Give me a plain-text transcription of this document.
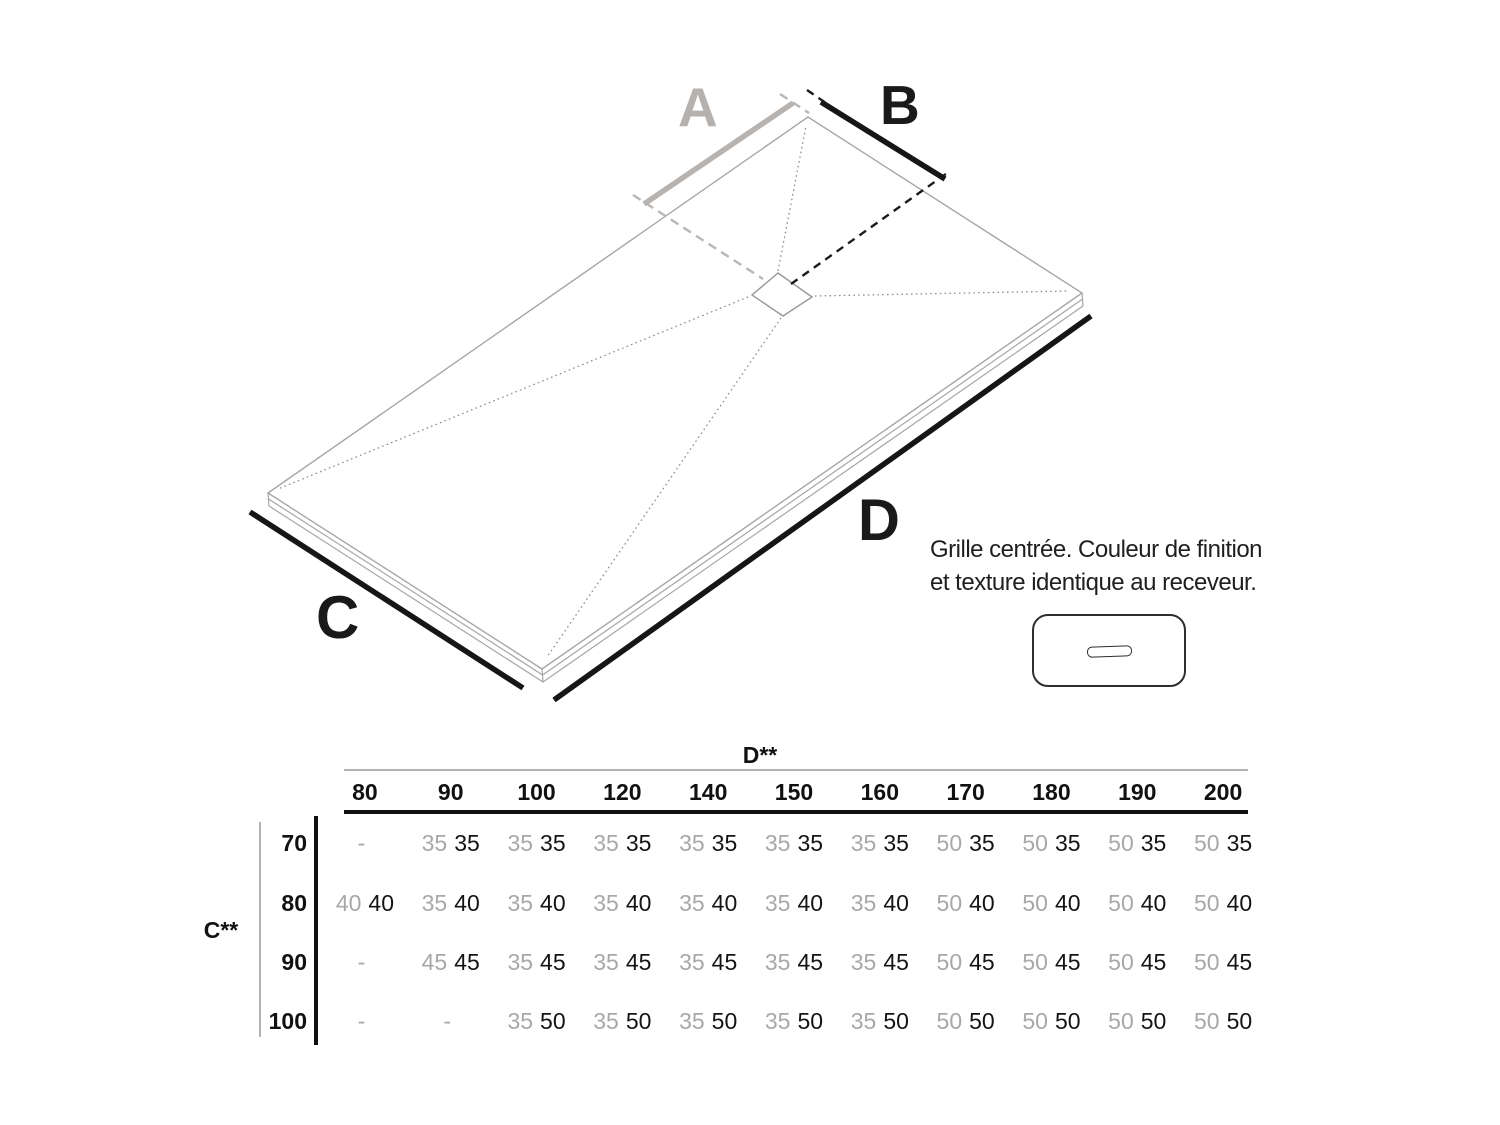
A	B
C
D Grille centrée. Couleur de finition
et texture identique au receveur.
D**
C**
80	90	100	120	140	150	160	170	180	190	200
70	-	35 35	35 35	35 35	35 35	35 35	35 35	50 35	50 35	50 35	50 35
80	40 40	35 40	35 40	35 40	35 40	35 40	35 40	50 40	50 40	50 40	50 40
90	-	45 45	35 45	35 45	35 45	35 45	35 45	50 45	50 45	50 45	50 45
100	-	-	35 50	35 50	35 50	35 50	35 50	50 50	50 50	50 50	50 50
